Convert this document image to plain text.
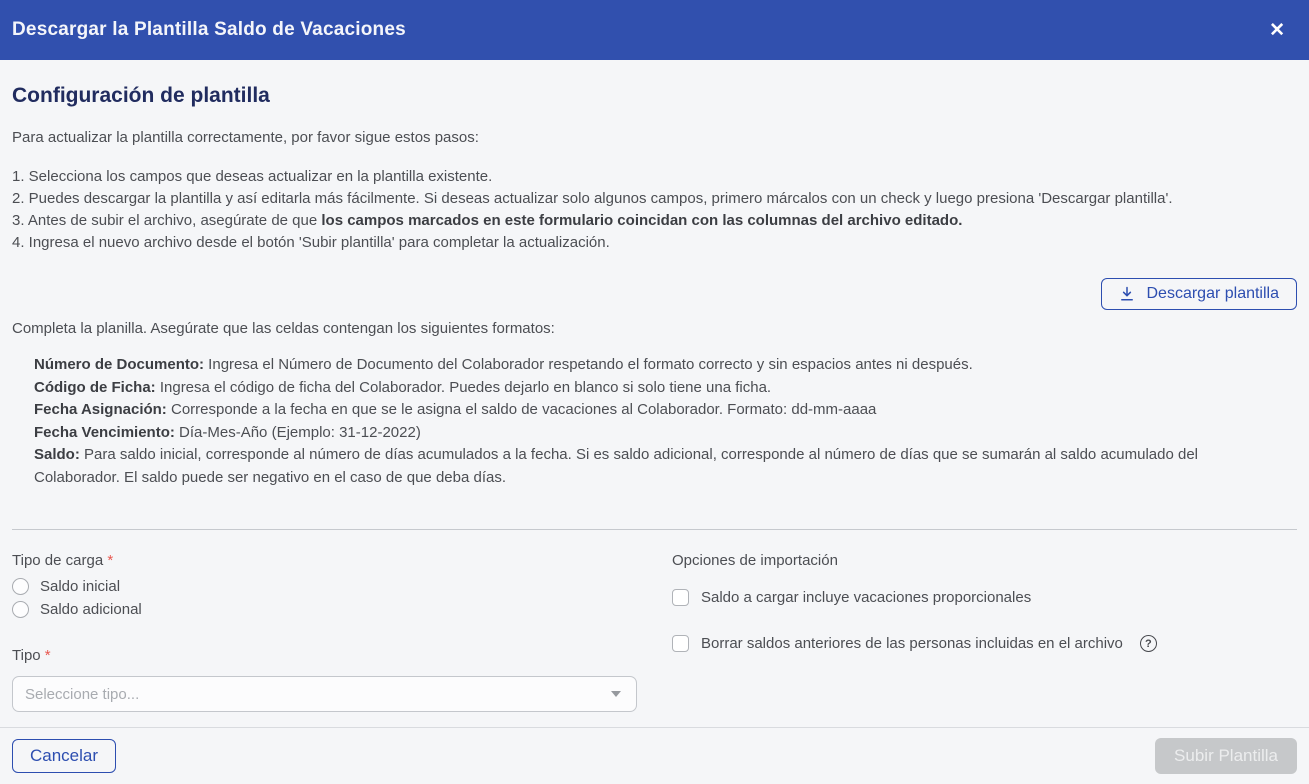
Descargar la Plantilla Saldo de Vacaciones	✕
Configuración de plantilla
Para actualizar la plantilla correctamente, por favor sigue estos pasos:
1. Selecciona los campos que deseas actualizar en la plantilla existente.
2. Puedes descargar la plantilla y así editarla más fácilmente. Si deseas actualizar solo algunos campos, primero márcalos con un check y luego presiona 'Descargar plantilla'.
3. Antes de subir el archivo, asegúrate de que los campos marcados en este formulario coincidan con las columnas del archivo editado.
4. Ingresa el nuevo archivo desde el botón 'Subir plantilla' para completar la actualización.
Descargar plantilla
Completa la planilla. Asegúrate que las celdas contengan los siguientes formatos:
Número de Documento: Ingresa el Número de Documento del Colaborador respetando el formato correcto y sin espacios antes ni después.
Código de Ficha: Ingresa el código de ficha del Colaborador. Puedes dejarlo en blanco si solo tiene una ficha.
Fecha Asignación: Corresponde a la fecha en que se le asigna el saldo de vacaciones al Colaborador. Formato: dd-mm-aaaa
Fecha Vencimiento: Día-Mes-Año (Ejemplo: 31-12-2022)
Saldo: Para saldo inicial, corresponde al número de días acumulados a la fecha. Si es saldo adicional, corresponde al número de días que se sumarán al saldo acumulado del Colaborador. El saldo puede ser negativo en el caso de que deba días.
Tipo de carga *
Saldo inicial
Saldo adicional
Tipo *
Seleccione tipo...
Opciones de importación
Saldo a cargar incluye vacaciones proporcionales
Borrar saldos anteriores de las personas incluidas en el archivo	?
Cancelar	Subir Plantilla
